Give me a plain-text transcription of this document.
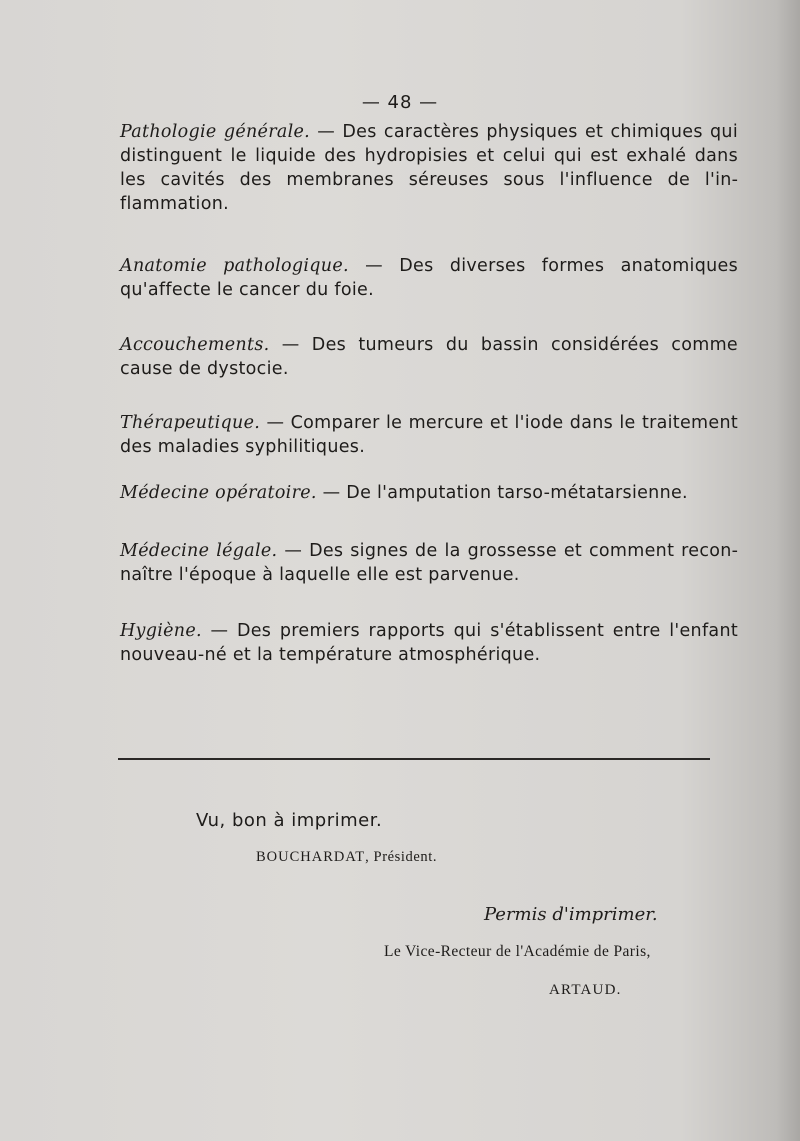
— 48 —
Pathologie générale. — Des caractères physiques et chimiques qui distinguent le liquide des hydropisies et celui qui est exhalé dans les cavités des membranes séreuses sous l'influence de l'inflammation.
Anatomie pathologique. — Des diverses formes anatomiques qu'affecte le cancer du foie.
Accouchements. — Des tumeurs du bassin considérées comme cause de dystocie.
Thérapeutique. — Comparer le mercure et l'iode dans le traitement des maladies syphilitiques.
Médecine opératoire. — De l'amputation tarso-métatarsienne.
Médecine légale. — Des signes de la grossesse et comment reconnaître l'époque à laquelle elle est parvenue.
Hygiène. — Des premiers rapports qui s'établissent entre l'enfant nouveau-né et la température atmosphérique.
Vu, bon à imprimer.
BOUCHARDAT, Président.
Permis d'imprimer.
Le Vice-Recteur de l'Académie de Paris,
ARTAUD.
